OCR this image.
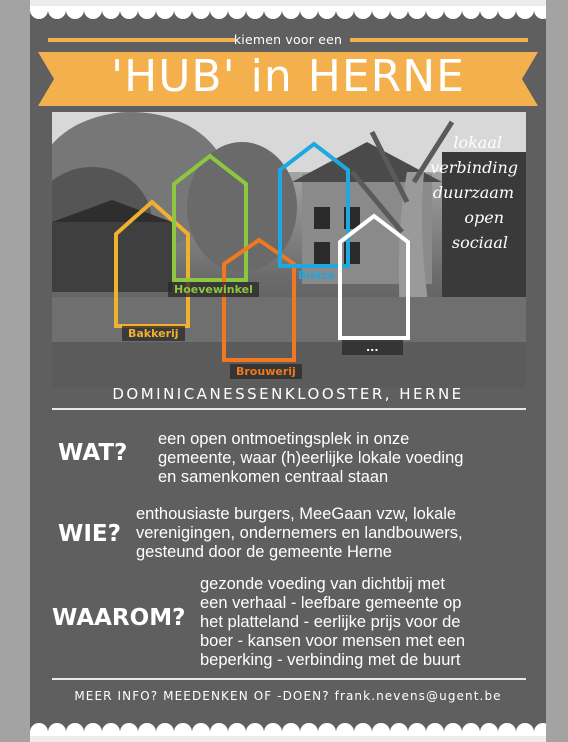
kiemen voor een
'HUB' in HERNE
Bakkerij
Hoevewinkel
Brouwerij
Bistro
...
lokaal
verbinding
duurzaam
open
sociaal
DOMINICANESSENKLOOSTER, HERNE
WAT?
een open ontmoetingsplek in onze
gemeente, waar (h)eerlijke lokale voeding
en samenkomen centraal staan
WIE?
enthousiaste burgers, MeeGaan vzw, lokale
verenigingen, ondernemers en landbouwers,
gesteund door de gemeente Herne
WAAROM?
gezonde voeding van dichtbij met
een verhaal - leefbare gemeente op
het platteland - eerlijke prijs voor de
boer - kansen voor mensen met een
beperking - verbinding met de buurt
MEER INFO? MEEDENKEN OF -DOEN? frank.nevens@ugent.be
